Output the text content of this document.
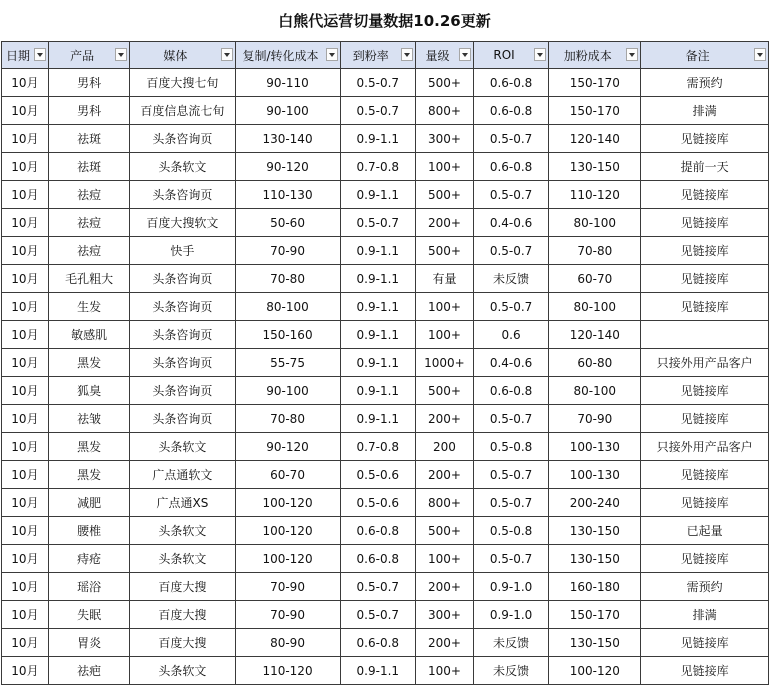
白熊代运营切量数据10.26更新
日期	产品	媒体	复制/转化成本	到粉率	量级	ROI	加粉成本	备注

10月	男科	百度大搜七旬	90-110	0.5-0.7	500+	0.6-0.8	150-170	需预约
10月	男科	百度信息流七旬	90-100	0.5-0.7	800+	0.6-0.8	150-170	排满
10月	祛斑	头条咨询页	130-140	0.9-1.1	300+	0.5-0.7	120-140	见链接库
10月	祛斑	头条软文	90-120	0.7-0.8	100+	0.6-0.8	130-150	提前一天
10月	祛痘	头条咨询页	110-130	0.9-1.1	500+	0.5-0.7	110-120	见链接库
10月	祛痘	百度大搜软文	50-60	0.5-0.7	200+	0.4-0.6	80-100	见链接库
10月	祛痘	快手	70-90	0.9-1.1	500+	0.5-0.7	70-80	见链接库
10月	毛孔粗大	头条咨询页	70-80	0.9-1.1	有量	未反馈	60-70	见链接库
10月	生发	头条咨询页	80-100	0.9-1.1	100+	0.5-0.7	80-100	见链接库
10月	敏感肌	头条咨询页	150-160	0.9-1.1	100+	0.6	120-140	
10月	黑发	头条咨询页	55-75	0.9-1.1	1000+	0.4-0.6	60-80	只接外用产品客户
10月	狐臭	头条咨询页	90-100	0.9-1.1	500+	0.6-0.8	80-100	见链接库
10月	祛皱	头条咨询页	70-80	0.9-1.1	200+	0.5-0.7	70-90	见链接库
10月	黑发	头条软文	90-120	0.7-0.8	200	0.5-0.8	100-130	只接外用产品客户
10月	黑发	广点通软文	60-70	0.5-0.6	200+	0.5-0.7	100-130	见链接库
10月	减肥	广点通XS	100-120	0.5-0.6	800+	0.5-0.7	200-240	见链接库
10月	腰椎	头条软文	100-120	0.6-0.8	500+	0.5-0.8	130-150	已起量
10月	痔疮	头条软文	100-120	0.6-0.8	100+	0.5-0.7	130-150	见链接库
10月	瑶浴	百度大搜	70-90	0.5-0.7	200+	0.9-1.0	160-180	需预约
10月	失眠	百度大搜	70-90	0.5-0.7	300+	0.9-1.0	150-170	排满
10月	胃炎	百度大搜	80-90	0.6-0.8	200+	未反馈	130-150	见链接库
10月	祛疤	头条软文	110-120	0.9-1.1	100+	未反馈	100-120	见链接库
